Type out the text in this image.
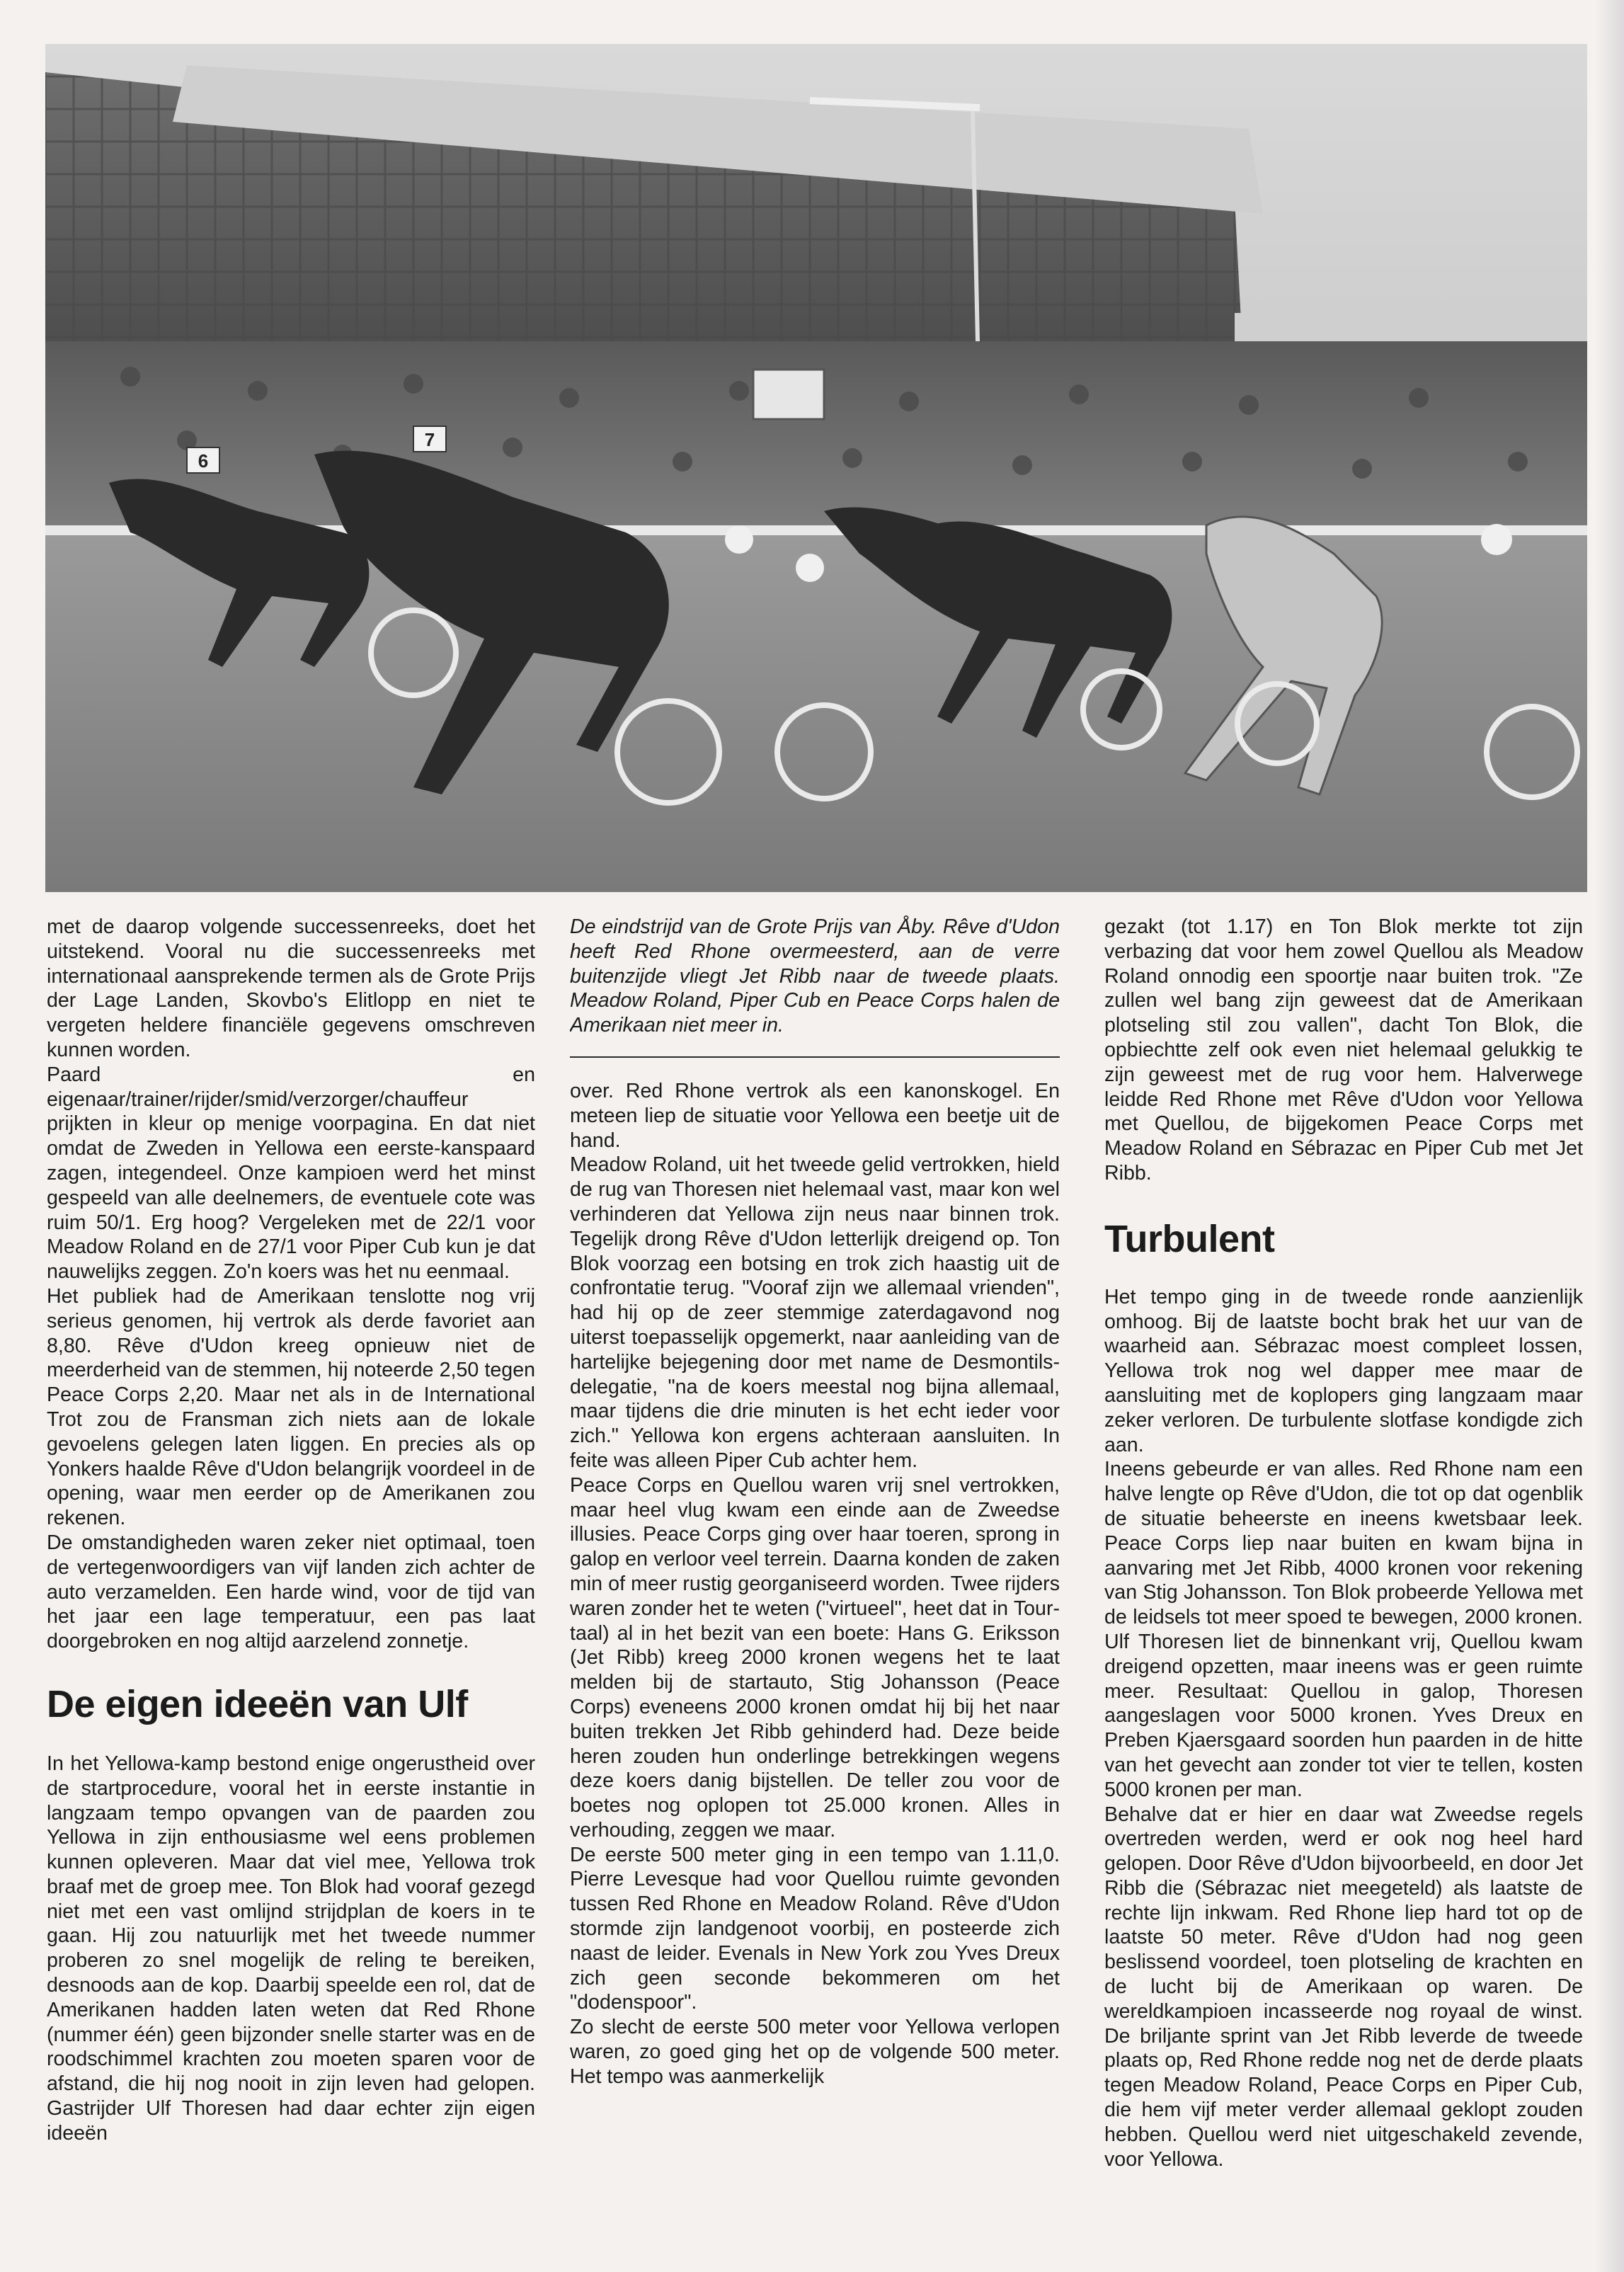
6
7

met de daarop volgende successenreeks, doet het uitstekend. Vooral nu die successenreeks met internationaal aansprekende termen als de Grote Prijs der Lage Landen, Skovbo's Elitlopp en niet te vergeten heldere financiële gegevens omschreven kunnen worden.

Paard en eigenaar/trainer/rijder/smid/verzorger/chauffeur prijkten in kleur op menige voorpagina. En dat niet omdat de Zweden in Yellowa een eerste-kanspaard zagen, integendeel. Onze kampioen werd het minst gespeeld van alle deelnemers, de eventuele cote was ruim 50/1. Erg hoog? Vergeleken met de 22/1 voor Meadow Roland en de 27/1 voor Piper Cub kun je dat nauwelijks zeggen. Zo'n koers was het nu eenmaal.

Het publiek had de Amerikaan tenslotte nog vrij serieus genomen, hij vertrok als derde favoriet aan 8,80. Rêve d'Udon kreeg opnieuw niet de meerderheid van de stemmen, hij noteerde 2,50 tegen Peace Corps 2,20. Maar net als in de International Trot zou de Fransman zich niets aan de lokale gevoelens gelegen laten liggen. En precies als op Yonkers haalde Rêve d'Udon belangrijk voordeel in de opening, waar men eerder op de Amerikanen zou rekenen.

De omstandigheden waren zeker niet optimaal, toen de vertegenwoordigers van vijf landen zich achter de auto verzamelden. Een harde wind, voor de tijd van het jaar een lage temperatuur, een pas laat doorgebroken en nog altijd aarzelend zonnetje.

De eigen ideeën van Ulf

In het Yellowa-kamp bestond enige ongerustheid over de startprocedure, vooral het in eerste instantie in langzaam tempo opvangen van de paarden zou Yellowa in zijn enthousiasme wel eens problemen kunnen opleveren. Maar dat viel mee, Yellowa trok braaf met de groep mee. Ton Blok had vooraf gezegd niet met een vast omlijnd strijdplan de koers in te gaan. Hij zou natuurlijk met het tweede nummer proberen zo snel mogelijk de reling te bereiken, desnoods aan de kop. Daarbij speelde een rol, dat de Amerikanen hadden laten weten dat Red Rhone (nummer één) geen bijzonder snelle starter was en de roodschimmel krachten zou moeten sparen voor de afstand, die hij nog nooit in zijn leven had gelopen. Gastrijder Ulf Thoresen had daar echter zijn eigen ideeën

De eindstrijd van de Grote Prijs van Åby. Rêve d'Udon heeft Red Rhone overmeesterd, aan de verre buitenzijde vliegt Jet Ribb naar de tweede plaats. Meadow Roland, Piper Cub en Peace Corps halen de Amerikaan niet meer in.

over. Red Rhone vertrok als een kanonskogel. En meteen liep de situatie voor Yellowa een beetje uit de hand.

Meadow Roland, uit het tweede gelid vertrokken, hield de rug van Thoresen niet helemaal vast, maar kon wel verhinderen dat Yellowa zijn neus naar binnen trok. Tegelijk drong Rêve d'Udon letterlijk dreigend op. Ton Blok voorzag een botsing en trok zich haastig uit de confrontatie terug. "Vooraf zijn we allemaal vrienden", had hij op de zeer stemmige zaterdagavond nog uiterst toepasselijk opgemerkt, naar aanleiding van de hartelijke bejegening door met name de Desmontils-delegatie, "na de koers meestal nog bijna allemaal, maar tijdens die drie minuten is het echt ieder voor zich." Yellowa kon ergens achteraan aansluiten. In feite was alleen Piper Cub achter hem.

Peace Corps en Quellou waren vrij snel vertrokken, maar heel vlug kwam een einde aan de Zweedse illusies. Peace Corps ging over haar toeren, sprong in galop en verloor veel terrein. Daarna konden de zaken min of meer rustig georganiseerd worden. Twee rijders waren zonder het te weten ("virtueel", heet dat in Tour-taal) al in het bezit van een boete: Hans G. Eriksson (Jet Ribb) kreeg 2000 kronen wegens het te laat melden bij de startauto, Stig Johansson (Peace Corps) eveneens 2000 kronen omdat hij bij het naar buiten trekken Jet Ribb gehinderd had. Deze beide heren zouden hun onderlinge betrekkingen wegens deze koers danig bijstellen. De teller zou voor de boetes nog oplopen tot 25.000 kronen. Alles in verhouding, zeggen we maar.

De eerste 500 meter ging in een tempo van 1.11,0. Pierre Levesque had voor Quellou ruimte gevonden tussen Red Rhone en Meadow Roland. Rêve d'Udon stormde zijn landgenoot voorbij, en posteerde zich naast de leider. Evenals in New York zou Yves Dreux zich geen seconde bekommeren om het "dodenspoor".

Zo slecht de eerste 500 meter voor Yellowa verlopen waren, zo goed ging het op de volgende 500 meter. Het tempo was aanmerkelijk

gezakt (tot 1.17) en Ton Blok merkte tot zijn verbazing dat voor hem zowel Quellou als Meadow Roland onnodig een spoortje naar buiten trok. "Ze zullen wel bang zijn geweest dat de Amerikaan plotseling stil zou vallen", dacht Ton Blok, die opbiechtte zelf ook even niet helemaal gelukkig te zijn geweest met de rug voor hem. Halverwege leidde Red Rhone met Rêve d'Udon voor Yellowa met Quellou, de bijgekomen Peace Corps met Meadow Roland en Sébrazac en Piper Cub met Jet Ribb.

Turbulent

Het tempo ging in de tweede ronde aanzienlijk omhoog. Bij de laatste bocht brak het uur van de waarheid aan. Sébrazac moest compleet lossen, Yellowa trok nog wel dapper mee maar de aansluiting met de koplopers ging langzaam maar zeker verloren. De turbulente slotfase kondigde zich aan.

Ineens gebeurde er van alles. Red Rhone nam een halve lengte op Rêve d'Udon, die tot op dat ogenblik de situatie beheerste en ineens kwetsbaar leek. Peace Corps liep naar buiten en kwam bijna in aanvaring met Jet Ribb, 4000 kronen voor rekening van Stig Johansson. Ton Blok probeerde Yellowa met de leidsels tot meer spoed te bewegen, 2000 kronen. Ulf Thoresen liet de binnenkant vrij, Quellou kwam dreigend opzetten, maar ineens was er geen ruimte meer. Resultaat: Quellou in galop, Thoresen aangeslagen voor 5000 kronen. Yves Dreux en Preben Kjaersgaard soorden hun paarden in de hitte van het gevecht aan zonder tot vier te tellen, kosten 5000 kronen per man.

Behalve dat er hier en daar wat Zweedse regels overtreden werden, werd er ook nog heel hard gelopen. Door Rêve d'Udon bijvoorbeeld, en door Jet Ribb die (Sébrazac niet meegeteld) als laatste de rechte lijn inkwam. Red Rhone liep hard tot op de laatste 50 meter. Rêve d'Udon had nog geen beslissend voordeel, toen plotseling de krachten en de lucht bij de Amerikaan op waren. De wereldkampioen incasseerde nog royaal de winst. De briljante sprint van Jet Ribb leverde de tweede plaats op, Red Rhone redde nog net de derde plaats tegen Meadow Roland, Peace Corps en Piper Cub, die hem vijf meter verder allemaal geklopt zouden hebben. Quellou werd niet uitgeschakeld zevende, voor Yellowa.
